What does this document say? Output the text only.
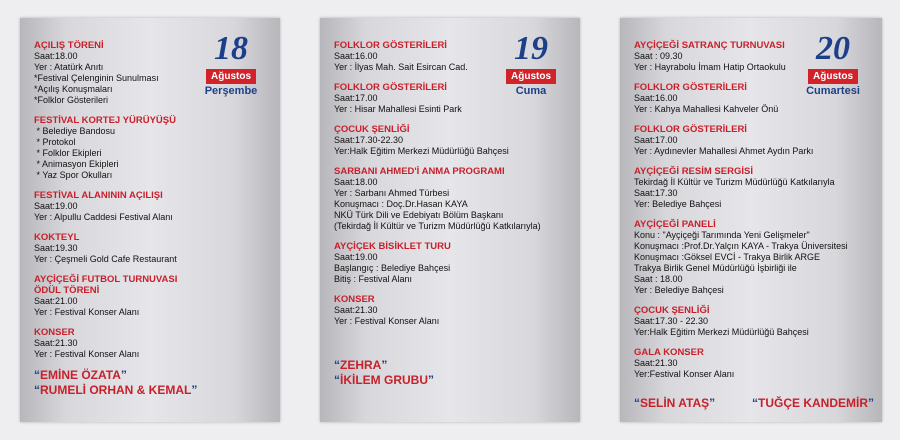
18
Ağustos
Perşembe
AÇILIŞ TÖRENİ
Saat:18.00
Yer : Atatürk Anıtı
*Festival Çelenginin Sunulması
*Açılış Konuşmaları
*Folklor Gösterileri
FESTİVAL KORTEJ YÜRÜYÜŞÜ
* Belediye Bandosu
* Protokol
* Folklor Ekipleri
* Animasyon Ekipleri
* Yaz Spor Okulları
FESTİVAL ALANININ AÇILIŞI
Saat:19.00
Yer : Alpullu Caddesi Festival Alanı
KOKTEYL
Saat:19.30
Yer : Çeşmeli Gold Cafe Restaurant
AYÇİÇEĞİ FUTBOL TURNUVASI
ÖDÜL TÖRENİ
Saat:21.00
Yer : Festival Konser Alanı
KONSER
Saat:21.30
Yer : Festival Konser Alanı
“EMİNE ÖZATA”
“RUMELİ ORHAN & KEMAL”
19
Ağustos
Cuma
FOLKLOR GÖSTERİLERİ
Saat:16.00
Yer : İlyas Mah. Sait Esircan Cad.
FOLKLOR GÖSTERİLERİ
Saat:17.00
Yer : Hisar Mahallesi Esinti Park
ÇOCUK ŞENLİĞİ
Saat:17.30-22.30
Yer:Halk Eğitim Merkezi Müdürlüğü Bahçesi
SARBANI AHMED'İ ANMA PROGRAMI
Saat:18.00
Yer : Sarbanı Ahmed Türbesi
Konuşmacı : Doç.Dr.Hasan KAYA
NKÜ Türk Dili ve Edebiyatı Bölüm Başkanı
(Tekirdağ İl Kültür ve Turizm Müdürlüğü Katkılarıyla)
AYÇİÇEK BİSİKLET TURU
Saat:19.00
Başlangıç : Belediye Bahçesi
Bitiş : Festival Alanı
KONSER
Saat:21.30
Yer : Festival Konser Alanı
“ZEHRA”
“İKİLEM GRUBU”
20
Ağustos
Cumartesi
AYÇİÇEĞİ SATRANÇ TURNUVASI
Saat : 09.30
Yer : Hayrabolu İmam Hatip Ortaokulu
FOLKLOR GÖSTERİLERİ
Saat:16.00
Yer : Kahya Mahallesi Kahveler Önü
FOLKLOR GÖSTERİLERİ
Saat:17.00
Yer : Aydınevler Mahallesi Ahmet Aydın Parkı
AYÇİÇEĞİ RESİM SERGİSİ
Tekirdağ İl Kültür ve Turizm Müdürlüğü Katkılarıyla
Saat:17.30
Yer: Belediye Bahçesi
AYÇİÇEĞİ PANELİ
Konu : "Ayçiçeği Tarımında Yeni Gelişmeler"
Konuşmacı :Prof.Dr.Yalçın KAYA - Trakya Üniversitesi
Konuşmacı :Göksel EVCİ - Trakya Birlik ARGE
Trakya Birlik Genel Müdürlüğü İşbirliği ile
Saat : 18.00
Yer : Belediye Bahçesi
ÇOCUK ŞENLİĞİ
Saat:17.30 - 22.30
Yer:Halk Eğitim Merkezi Müdürlüğü Bahçesi
GALA KONSER
Saat:21.30
Yer:Festival Konser Alanı
“SELİN ATAŞ”	“TUĞÇE KANDEMİR”
